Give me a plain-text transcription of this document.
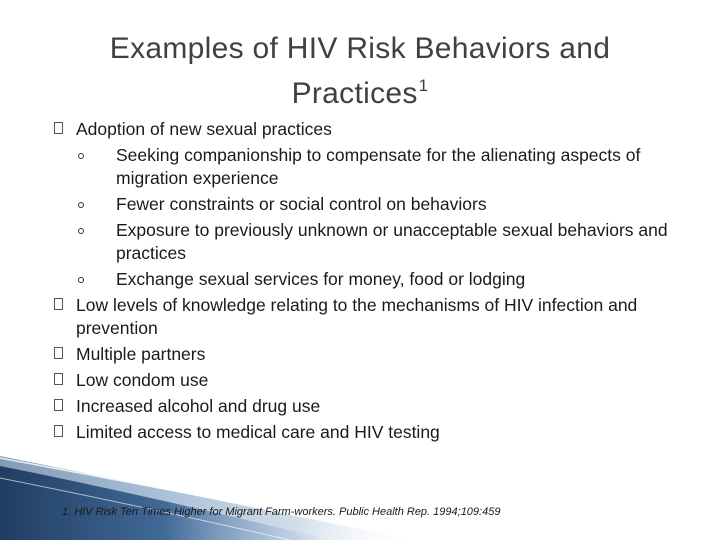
Examples of HIV Risk Behaviors and Practices$^1$
Adoption of new sexual practices
Seeking companionship to compensate for the alienating aspects of migration experience
Fewer constraints or social control on behaviors
Exposure to previously unknown or unacceptable sexual behaviors and practices
Exchange sexual services for money, food or lodging
Low levels of knowledge relating to the mechanisms of HIV infection and prevention
Multiple partners
Low condom use
Increased alcohol and drug use
Limited access to medical care and HIV testing
1. HIV Risk Ten Times Higher for Migrant Farm-workers. Public Health Rep. 1994;109:459
